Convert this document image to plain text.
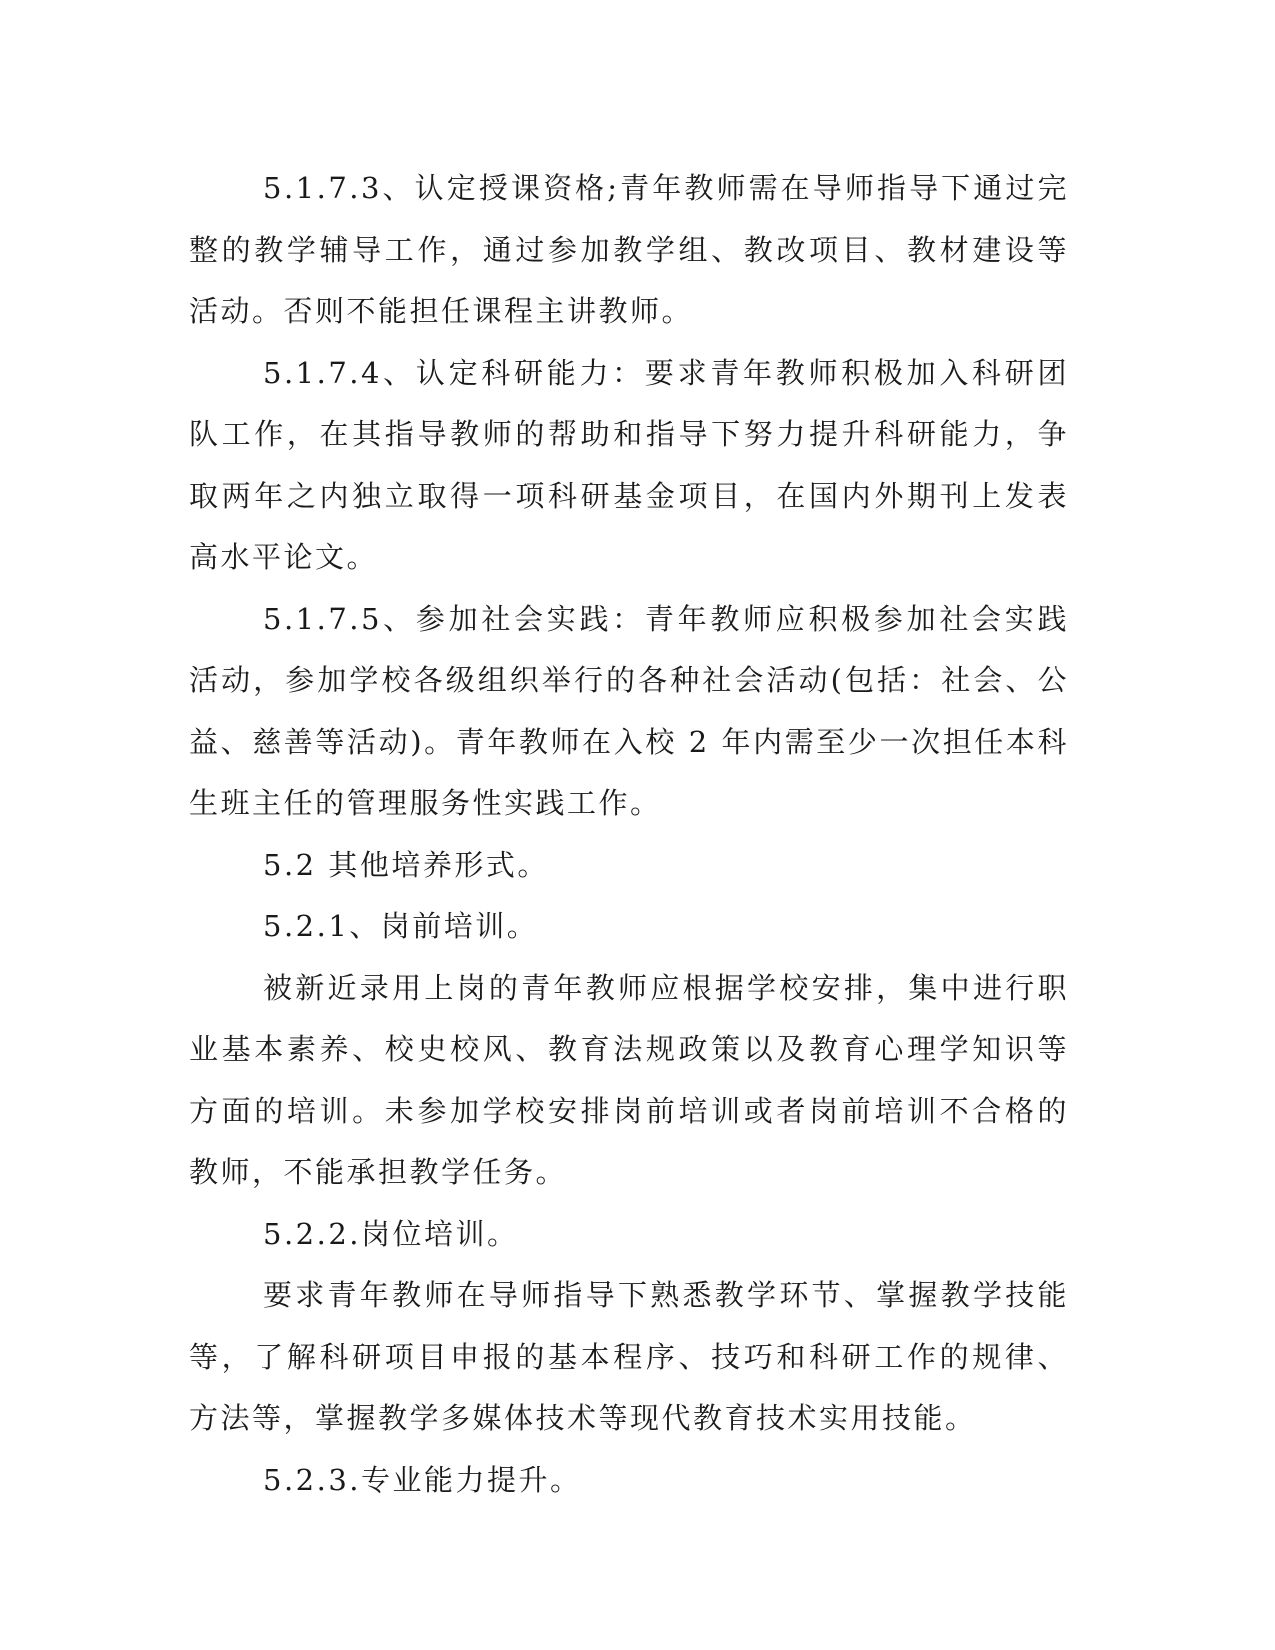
5.1.7.3、认定授课资格;青年教师需在导师指导下通过完整的教学辅导工作，通过参加教学组、教改项目、教材建设等活动。否则不能担任课程主讲教师。

5.1.7.4、认定科研能力：要求青年教师积极加入科研团队工作，在其指导教师的帮助和指导下努力提升科研能力，争取两年之内独立取得一项科研基金项目，在国内外期刊上发表高水平论文。

5.1.7.5、参加社会实践：青年教师应积极参加社会实践活动，参加学校各级组织举行的各种社会活动(包括：社会、公益、慈善等活动)。青年教师在入校 2 年内需至少一次担任本科生班主任的管理服务性实践工作。

5.2 其他培养形式。

5.2.1、岗前培训。

被新近录用上岗的青年教师应根据学校安排，集中进行职业基本素养、校史校风、教育法规政策以及教育心理学知识等方面的培训。未参加学校安排岗前培训或者岗前培训不合格的教师，不能承担教学任务。

5.2.2.岗位培训。

要求青年教师在导师指导下熟悉教学环节、掌握教学技能等，了解科研项目申报的基本程序、技巧和科研工作的规律、方法等，掌握教学多媒体技术等现代教育技术实用技能。

5.2.3.专业能力提升。
